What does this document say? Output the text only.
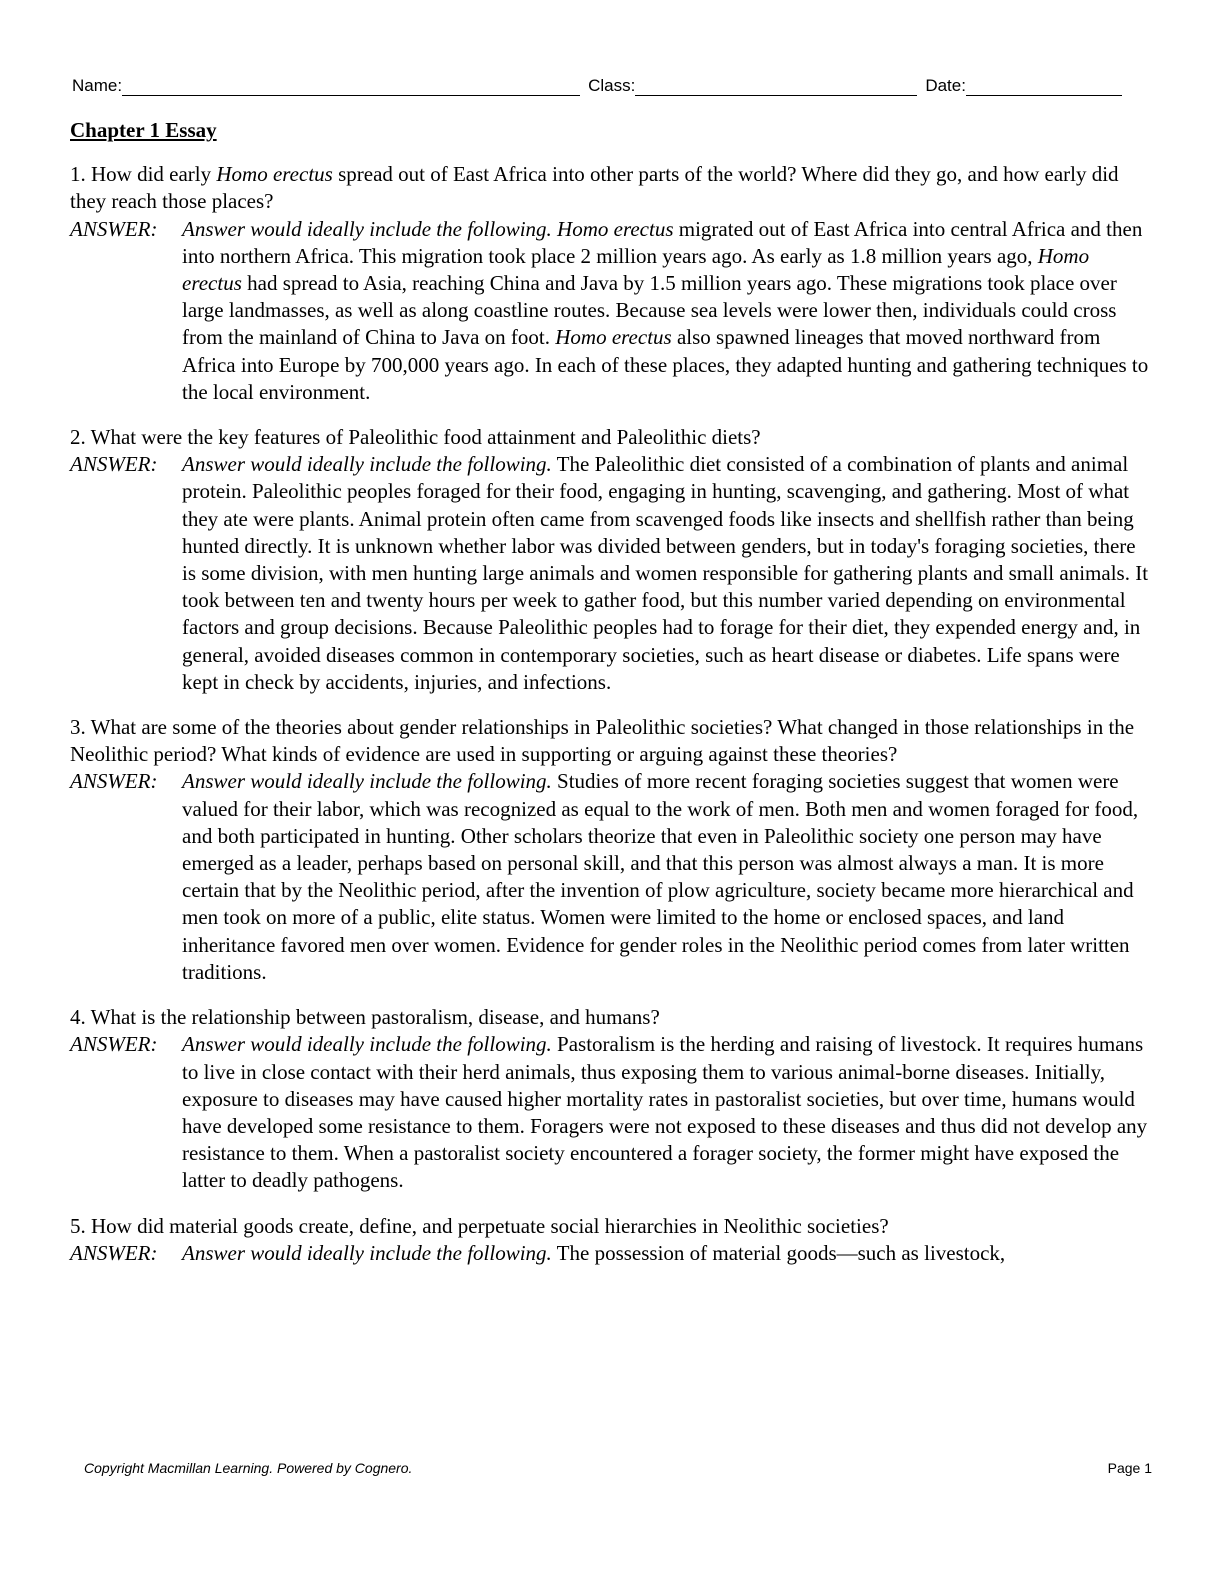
Name:	Class:	Date:
Chapter 1 Essay

1. How did early Homo erectus spread out of East Africa into other parts of the world? Where did they go, and how early did they reach those places?

ANSWER:	Answer would ideally include the following. Homo erectus migrated out of East Africa into central Africa and then into northern Africa. This migration took place 2 million years ago. As early as 1.8 million years ago, Homo erectus had spread to Asia, reaching China and Java by 1.5 million years ago. These migrations took place over large landmasses, as well as along coastline routes. Because sea levels were lower then, individuals could cross from the mainland of China to Java on foot. Homo erectus also spawned lineages that moved northward from Africa into Europe by 700,000 years ago. In each of these places, they adapted hunting and gathering techniques to the local environment.

2. What were the key features of Paleolithic food attainment and Paleolithic diets?

ANSWER:	Answer would ideally include the following. The Paleolithic diet consisted of a combination of plants and animal protein. Paleolithic peoples foraged for their food, engaging in hunting, scavenging, and gathering. Most of what they ate were plants. Animal protein often came from scavenged foods like insects and shellfish rather than being hunted directly. It is unknown whether labor was divided between genders, but in today's foraging societies, there is some division, with men hunting large animals and women responsible for gathering plants and small animals. It took between ten and twenty hours per week to gather food, but this number varied depending on environmental factors and group decisions. Because Paleolithic peoples had to forage for their diet, they expended energy and, in general, avoided diseases common in contemporary societies, such as heart disease or diabetes. Life spans were kept in check by accidents, injuries, and infections.

3. What are some of the theories about gender relationships in Paleolithic societies? What changed in those relationships in the Neolithic period? What kinds of evidence are used in supporting or arguing against these theories?

ANSWER:	Answer would ideally include the following. Studies of more recent foraging societies suggest that women were valued for their labor, which was recognized as equal to the work of men. Both men and women foraged for food, and both participated in hunting. Other scholars theorize that even in Paleolithic society one person may have emerged as a leader, perhaps based on personal skill, and that this person was almost always a man. It is more certain that by the Neolithic period, after the invention of plow agriculture, society became more hierarchical and men took on more of a public, elite status. Women were limited to the home or enclosed spaces, and land inheritance favored men over women. Evidence for gender roles in the Neolithic period comes from later written traditions.

4. What is the relationship between pastoralism, disease, and humans?

ANSWER:	Answer would ideally include the following. Pastoralism is the herding and raising of livestock. It requires humans to live in close contact with their herd animals, thus exposing them to various animal-borne diseases. Initially, exposure to diseases may have caused higher mortality rates in pastoralist societies, but over time, humans would have developed some resistance to them. Foragers were not exposed to these diseases and thus did not develop any resistance to them. When a pastoralist society encountered a forager society, the former might have exposed the latter to deadly pathogens.

5. How did material goods create, define, and perpetuate social hierarchies in Neolithic societies?

ANSWER:	Answer would ideally include the following. The possession of material goods—such as livestock,
Copyright Macmillan Learning. Powered by Cognero.	Page 1
